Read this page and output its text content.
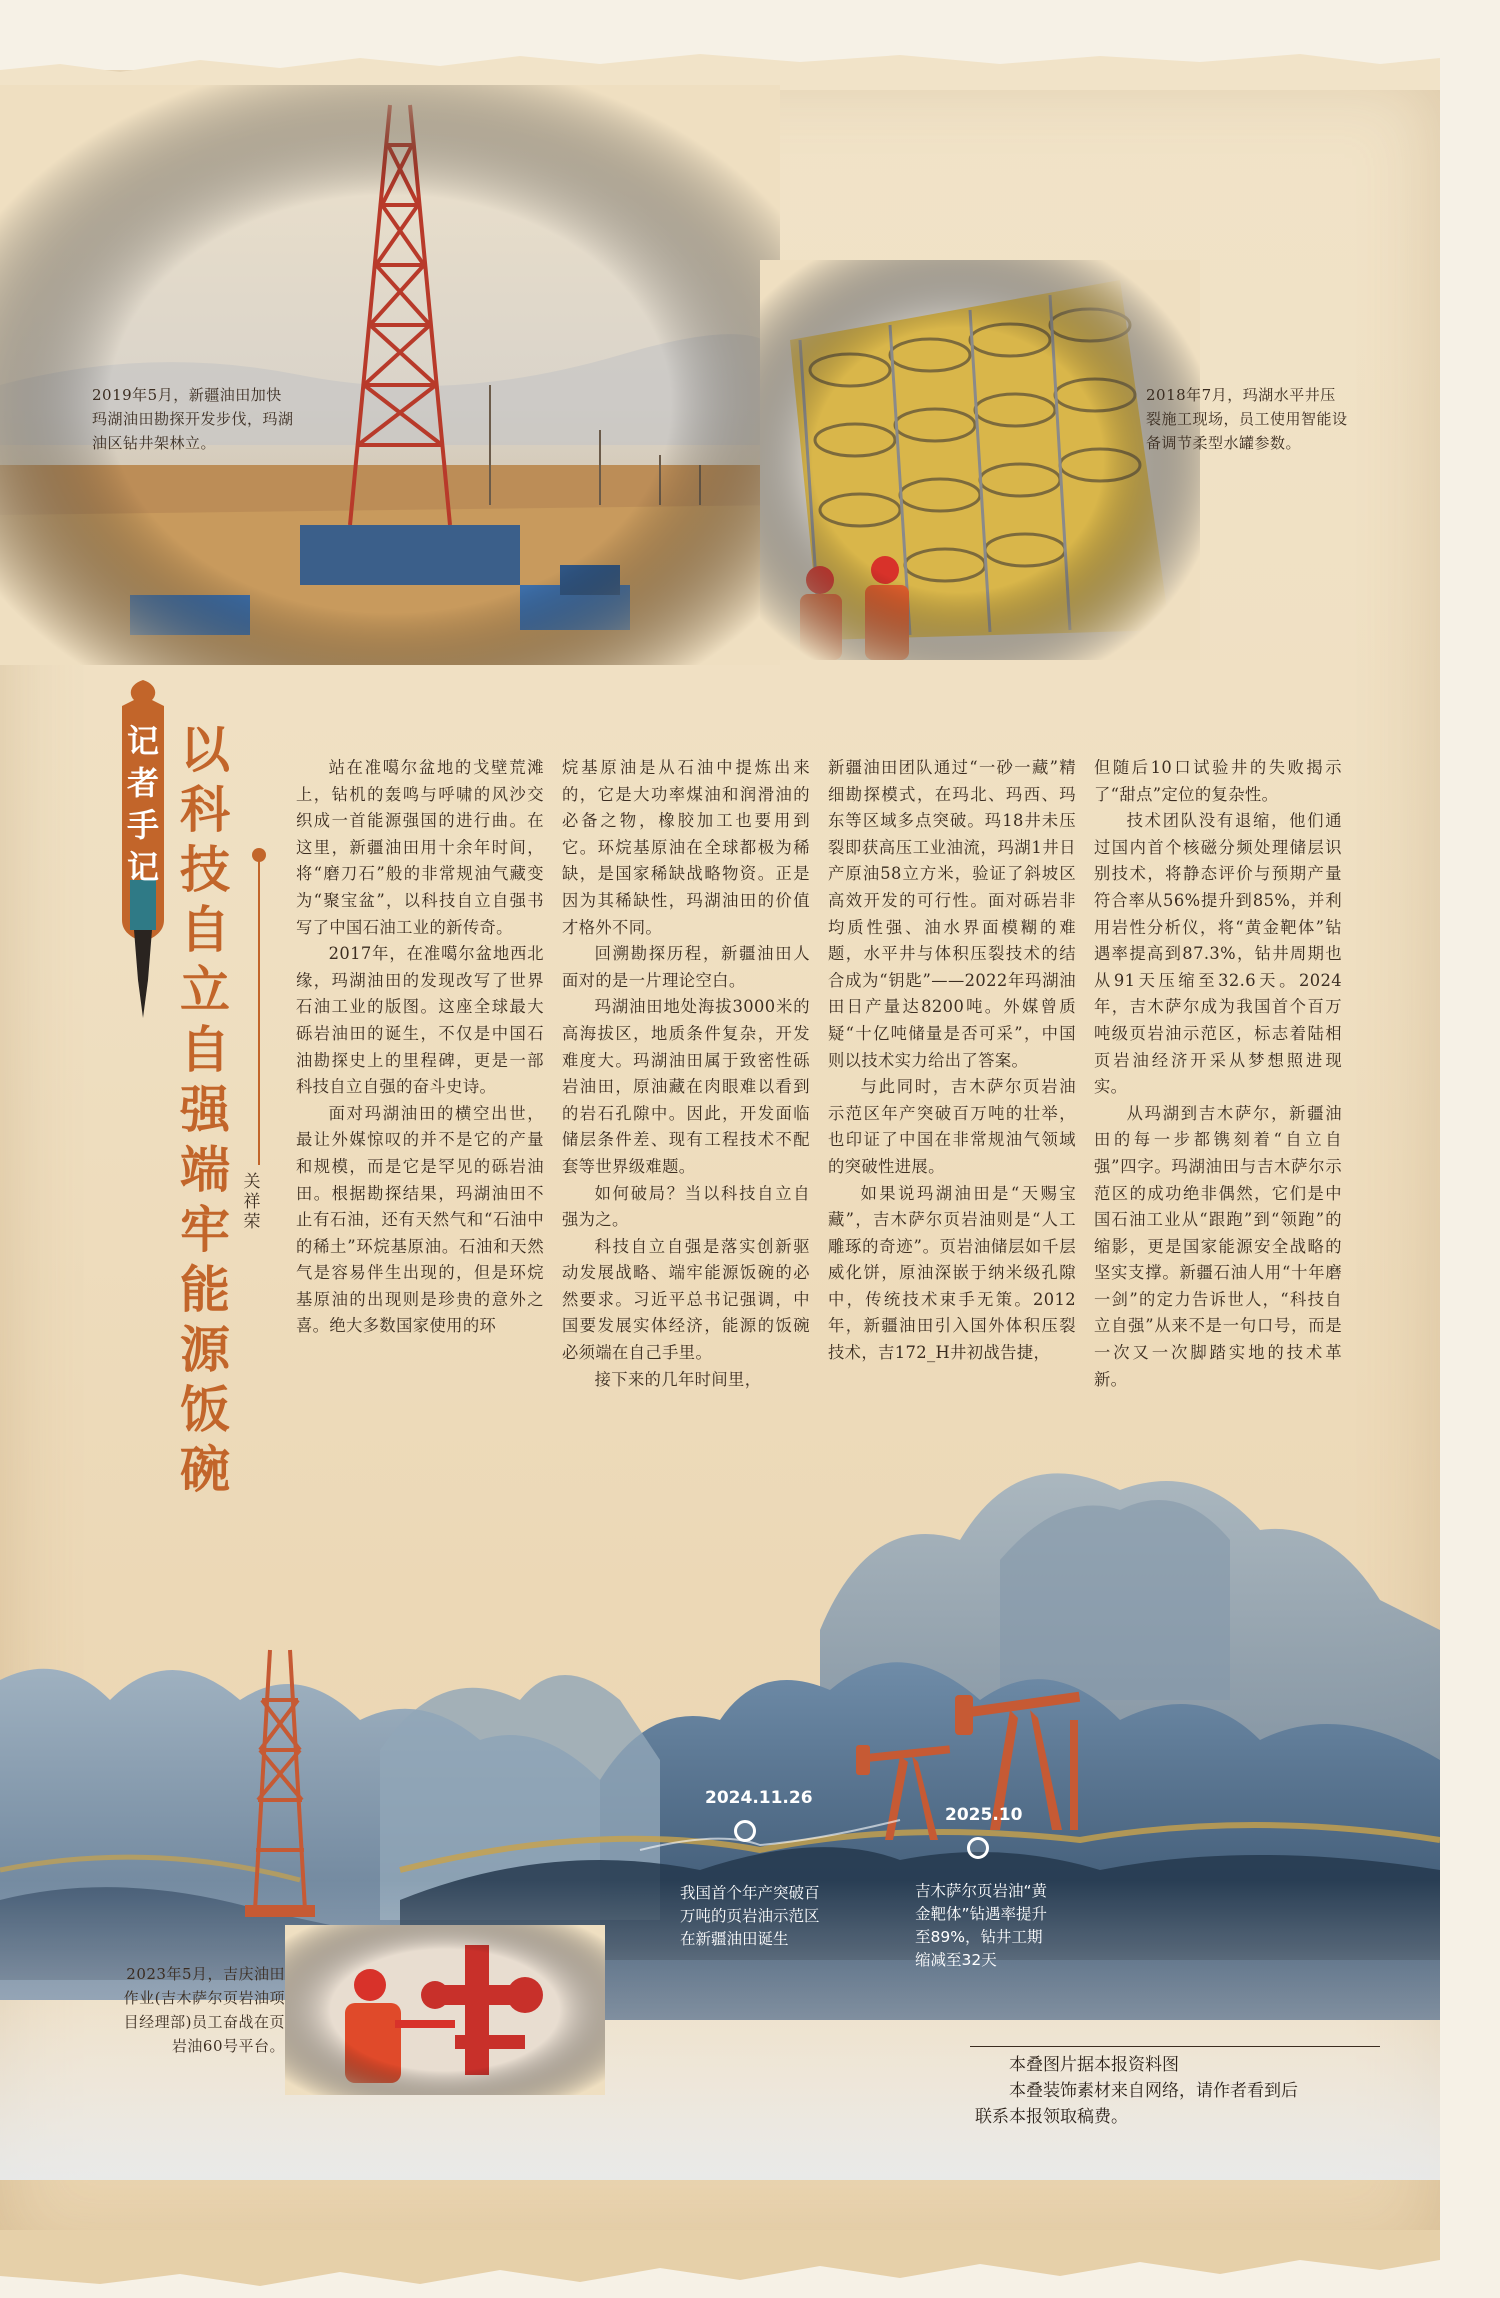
2019年5月，新疆油田加快玛湖油田勘探开发步伐，玛湖油区钻井架林立。
2018年7月，玛湖水平井压裂施工现场，员工使用智能设备调节柔型水罐参数。
记者手记
以科技自立自强端牢能源饭碗
关祥荣

站在准噶尔盆地的戈壁荒滩上，钻机的轰鸣与呼啸的风沙交织成一首能源强国的进行曲。在这里，新疆油田用十余年时间，将“磨刀石”般的非常规油气藏变为“聚宝盆”，以科技自立自强书写了中国石油工业的新传奇。

2017年，在准噶尔盆地西北缘，玛湖油田的发现改写了世界石油工业的版图。这座全球最大砾岩油田的诞生，不仅是中国石油勘探史上的里程碑，更是一部科技自立自强的奋斗史诗。

面对玛湖油田的横空出世，最让外媒惊叹的并不是它的产量和规模，而是它是罕见的砾岩油田。根据勘探结果，玛湖油田不止有石油，还有天然气和“石油中的稀土”环烷基原油。石油和天然气是容易伴生出现的，但是环烷基原油的出现则是珍贵的意外之喜。绝大多数国家使用的环

烷基原油是从石油中提炼出来的，它是大功率煤油和润滑油的必备之物，橡胶加工也要用到它。环烷基原油在全球都极为稀缺，是国家稀缺战略物资。正是因为其稀缺性，玛湖油田的价值才格外不同。

回溯勘探历程，新疆油田人面对的是一片理论空白。

玛湖油田地处海拔3000米的高海拔区，地质条件复杂，开发难度大。玛湖油田属于致密性砾岩油田，原油藏在肉眼难以看到的岩石孔隙中。因此，开发面临储层条件差、现有工程技术不配套等世界级难题。

如何破局？当以科技自立自强为之。

科技自立自强是落实创新驱动发展战略、端牢能源饭碗的必然要求。习近平总书记强调，中国要发展实体经济，能源的饭碗必须端在自己手里。

接下来的几年时间里，

新疆油田团队通过“一砂一藏”精细勘探模式，在玛北、玛西、玛东等区域多点突破。玛18井未压裂即获高压工业油流，玛湖1井日产原油58立方米，验证了斜坡区高效开发的可行性。面对砾岩非均质性强、油水界面模糊的难题，水平井与体积压裂技术的结合成为“钥匙”——2022年玛湖油田日产量达8200吨。外媒曾质疑“十亿吨储量是否可采”，中国则以技术实力给出了答案。

与此同时，吉木萨尔页岩油示范区年产突破百万吨的壮举，也印证了中国在非常规油气领域的突破性进展。

如果说玛湖油田是“天赐宝藏”，吉木萨尔页岩油则是“人工雕琢的奇迹”。页岩油储层如千层威化饼，原油深嵌于纳米级孔隙中，传统技术束手无策。2012年，新疆油田引入国外体积压裂技术，吉172_H井初战告捷，

但随后10口试验井的失败揭示了“甜点”定位的复杂性。

技术团队没有退缩，他们通过国内首个核磁分频处理储层识别技术，将静态评价与预期产量符合率从56%提升到85%，并利用岩性分析仪，将“黄金靶体”钻遇率提高到87.3%，钻井周期也从91天压缩至32.6天。2024年，吉木萨尔成为我国首个百万吨级页岩油示范区，标志着陆相页岩油经济开采从梦想照进现实。

从玛湖到吉木萨尔，新疆油田的每一步都镌刻着“自立自强”四字。玛湖油田与吉木萨尔示范区的成功绝非偶然，它们是中国石油工业从“跟跑”到“领跑”的缩影，更是国家能源安全战略的坚实支撑。新疆石油人用“十年磨一剑”的定力告诉世人，“科技自立自强”从来不是一句口号，而是一次又一次脚踏实地的技术革新。

2024.11.26
我国首个年产突破百万吨的页岩油示范区在新疆油田诞生
2025.10
吉木萨尔页岩油“黄金靶体”钻遇率提升至89%，钻井工期缩减至32天
2023年5月，吉庆油田作业(吉木萨尔页岩油项目经理部)员工奋战在页岩油60号平台。

本叠图片据本报资料图

本叠装饰素材来自网络，请作者看到后

联系本报领取稿费。
